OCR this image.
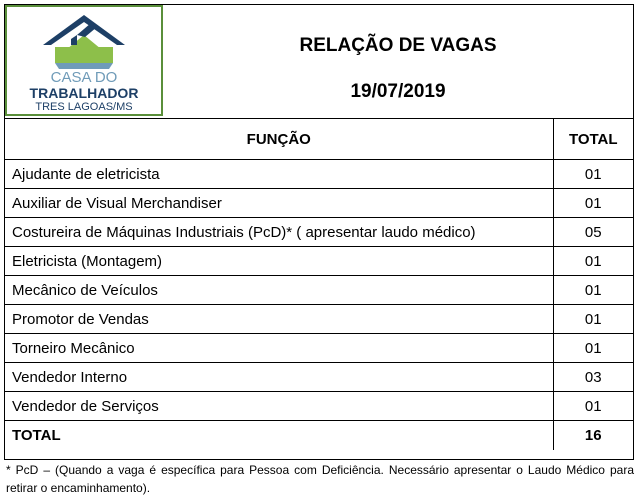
CASA DO
TRABALHADOR
TRES LAGOAS/MS
RELAÇÃO DE VAGAS
19/07/2019
FUNÇÃO	TOTAL
Ajudante de eletricista	01
Auxiliar de Visual Merchandiser	01
Costureira de Máquinas Industriais (PcD)* ( apresentar laudo médico)	05
Eletricista (Montagem)	01
Mecânico de Veículos	01
Promotor de Vendas	01
Torneiro Mecânico	01
Vendedor Interno	03
Vendedor de Serviços	01
TOTAL	16
* PcD – (Quando a vaga é específica para Pessoa com Deficiência. Necessário apresentar o Laudo Médico para retirar o encaminhamento).
